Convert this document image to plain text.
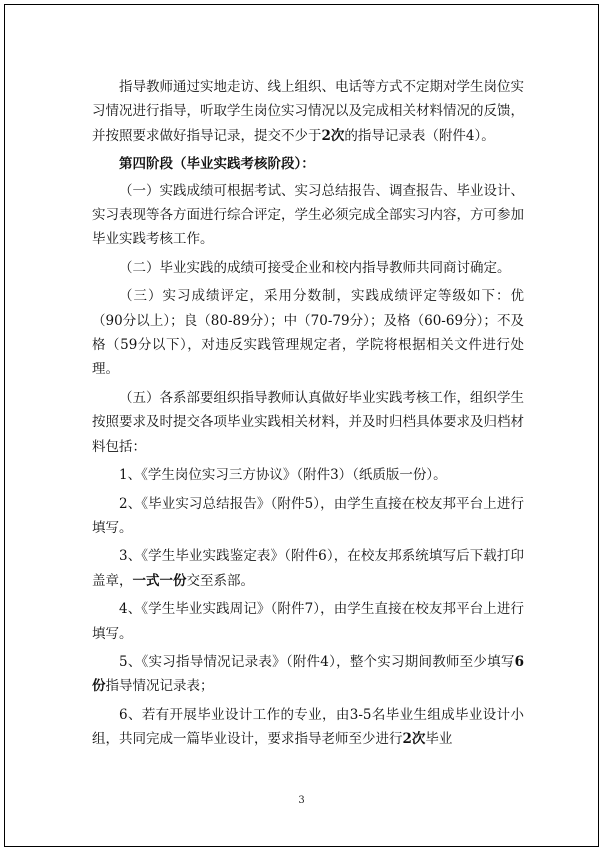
指导教师通过实地走访、线上组织、电话等方式不定期对学生岗位实习情况进行指导，听取学生岗位实习情况以及完成相关材料情况的反馈，并按照要求做好指导记录，提交不少于2次的指导记录表（附件4）。

第四阶段（毕业实践考核阶段）：

（一）实践成绩可根据考试、实习总结报告、调查报告、毕业设计、实习表现等各方面进行综合评定，学生必须完成全部实习内容，方可参加毕业实践考核工作。

（二）毕业实践的成绩可接受企业和校内指导教师共同商讨确定。

（三）实习成绩评定，采用分数制，实践成绩评定等级如下：优（90分以上）；良（80-89分）；中（70-79分）；及格（60-69分）；不及格（59分以下），对违反实践管理规定者，学院将根据相关文件进行处理。

（五）各系部要组织指导教师认真做好毕业实践考核工作，组织学生按照要求及时提交各项毕业实践相关材料，并及时归档具体要求及归档材料包括：

1、《学生岗位实习三方协议》（附件3）（纸质版一份）。

2、《毕业实习总结报告》（附件5），由学生直接在校友邦平台上进行填写。

3、《学生毕业实践鉴定表》（附件6），在校友邦系统填写后下载打印盖章，一式一份交至系部。

4、《学生毕业实践周记》（附件7），由学生直接在校友邦平台上进行填写。

5、《实习指导情况记录表》（附件4），整个实习期间教师至少填写6份指导情况记录表；

6、若有开展毕业设计工作的专业，由3-5名毕业生组成毕业设计小组，共同完成一篇毕业设计，要求指导老师至少进行2次毕业

3
